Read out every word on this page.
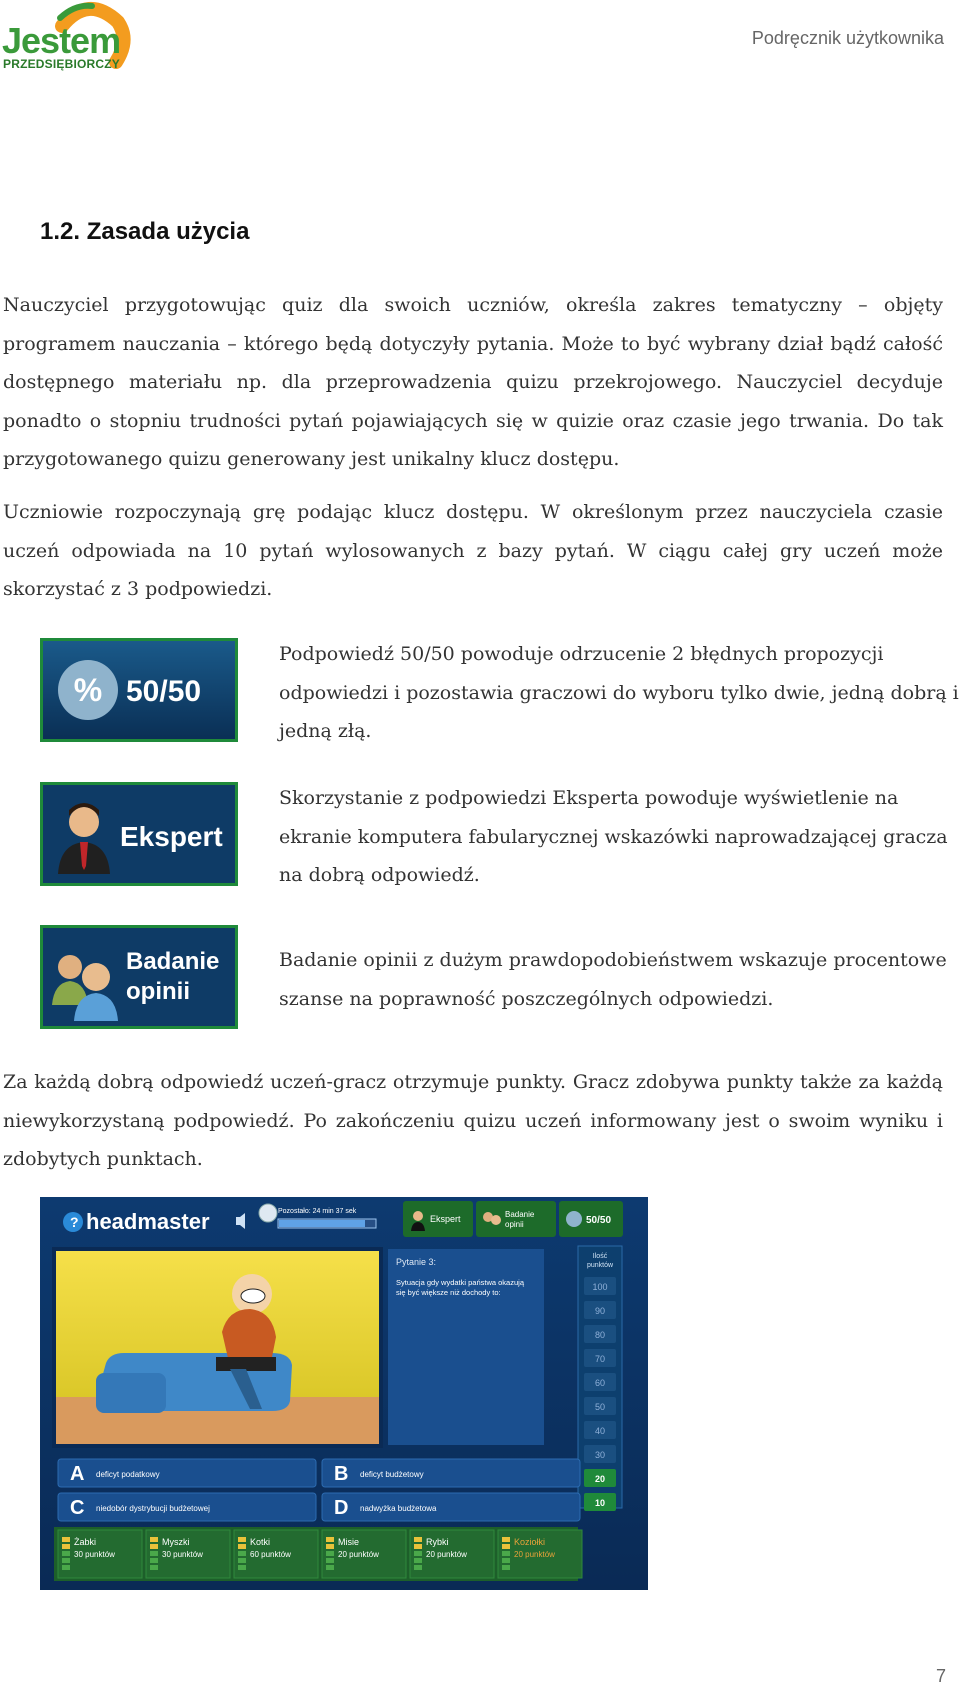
Jestem
PRZEDSIĘBIORCZY
Podręcznik użytkownika
1.2. Zasada użycia

Nauczyciel przygotowując quiz dla swoich uczniów, określa zakres tematyczny – objęty programem nauczania – którego będą dotyczyły pytania. Może to być wybrany dział bądź całość dostępnego materiału np. dla przeprowadzenia quizu przekrojowego. Nauczyciel decyduje ponadto o stopniu trudności pytań pojawiających się w quizie oraz czasie jego trwania. Do tak przygotowanego quizu generowany jest unikalny klucz dostępu.

Uczniowie rozpoczynają grę podając klucz dostępu. W określonym przez nauczyciela czasie uczeń odpowiada na 10 pytań wylosowanych z bazy pytań. W ciągu całej gry uczeń może skorzystać z 3 podpowiedzi.

% 50/50

Podpowiedź 50/50 powoduje odrzucenie 2 błędnych propozycji odpowiedzi i pozostawia graczowi do wyboru tylko dwie, jedną dobrą i jedną złą.

Ekspert

Skorzystanie z podpowiedzi Eksperta powoduje wyświetlenie na ekranie komputera fabularycznej wskazówki naprowadzającej gracza na dobrą odpowiedź.

Badanie
opinii

Badanie opinii z dużym prawdopodobieństwem wskazuje procentowe szanse na poprawność poszczególnych odpowiedzi.

Za każdą dobrą odpowiedź uczeń-gracz otrzymuje punkty. Gracz zdobywa punkty także za każdą niewykorzystaną podpowiedź. Po zakończeniu quizu uczeń informowany jest o swoim wyniku i zdobytych punktach.

? headmaster	Pozostało: 24 min 37 sek
Ekspert	Badanie
opinii	50/50
Pytanie 3:
Sytuacja gdy wydatki państwa okazują
się być większe niż dochody to:
100
90
80
70
60
50
40
30
20
10
Ilość
punktów
A deficyt podatkowy	B deficyt budżetowy
C niedobór dystrybucji budżetowej	D nadwyżka budżetowa
Żabki
30 punktów
Myszki
30 punktów
Kotki
60 punktów
Misie
20 punktów
Rybki
20 punktów
Koziołki
20 punktów
7
